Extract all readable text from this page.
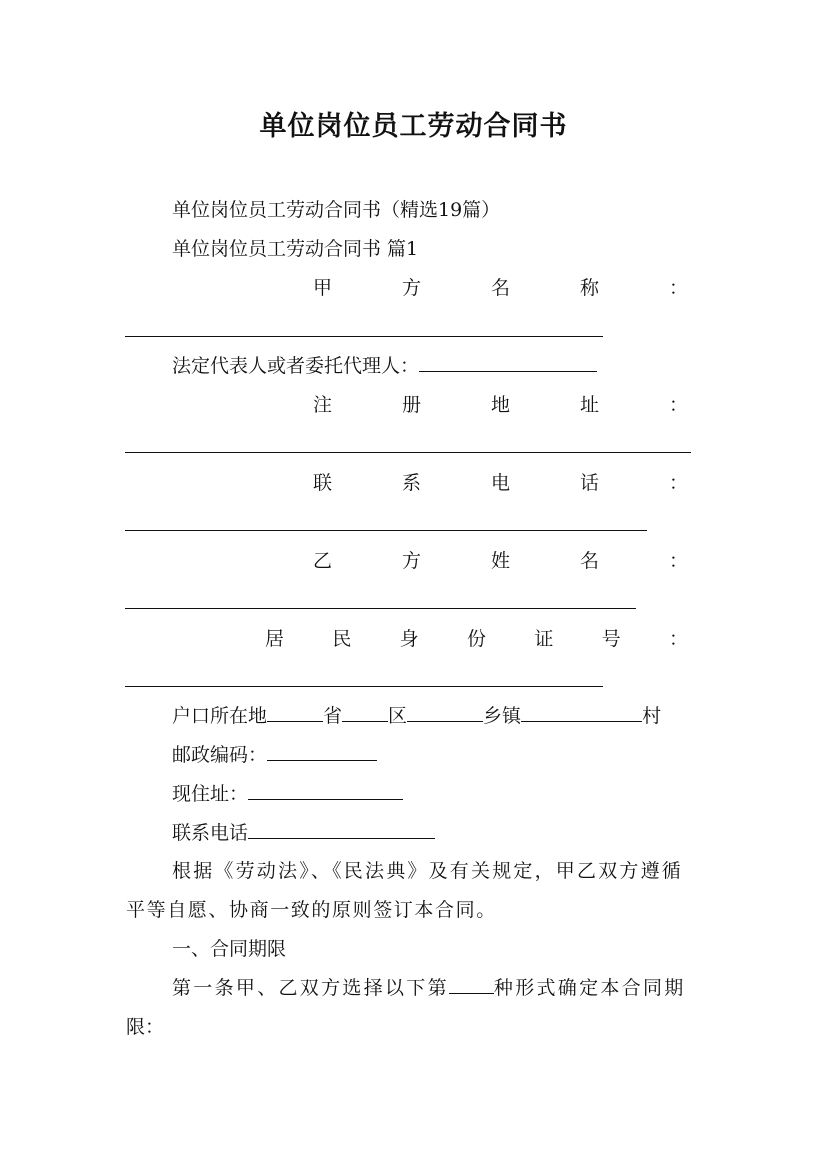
单位岗位员工劳动合同书
单位岗位员工劳动合同书（精选19篇）
单位岗位员工劳动合同书 篇1
甲	方	名	称	：
法定代表人或者委托代理人：
注	册	地	址	：
联	系	电	话	：
乙	方	姓	名	：
居	民	身	份	证	号	：
户口所在地	省 区	乡镇	村
邮政编码：
现住址：
联系电话
根据《劳动法》、《民法典》及有关规定，甲乙双方遵循
平等自愿、协商一致的原则签订本合同。
一、合同期限
第一条甲、乙双方选择以下第 种形式确定本合同期
限：
